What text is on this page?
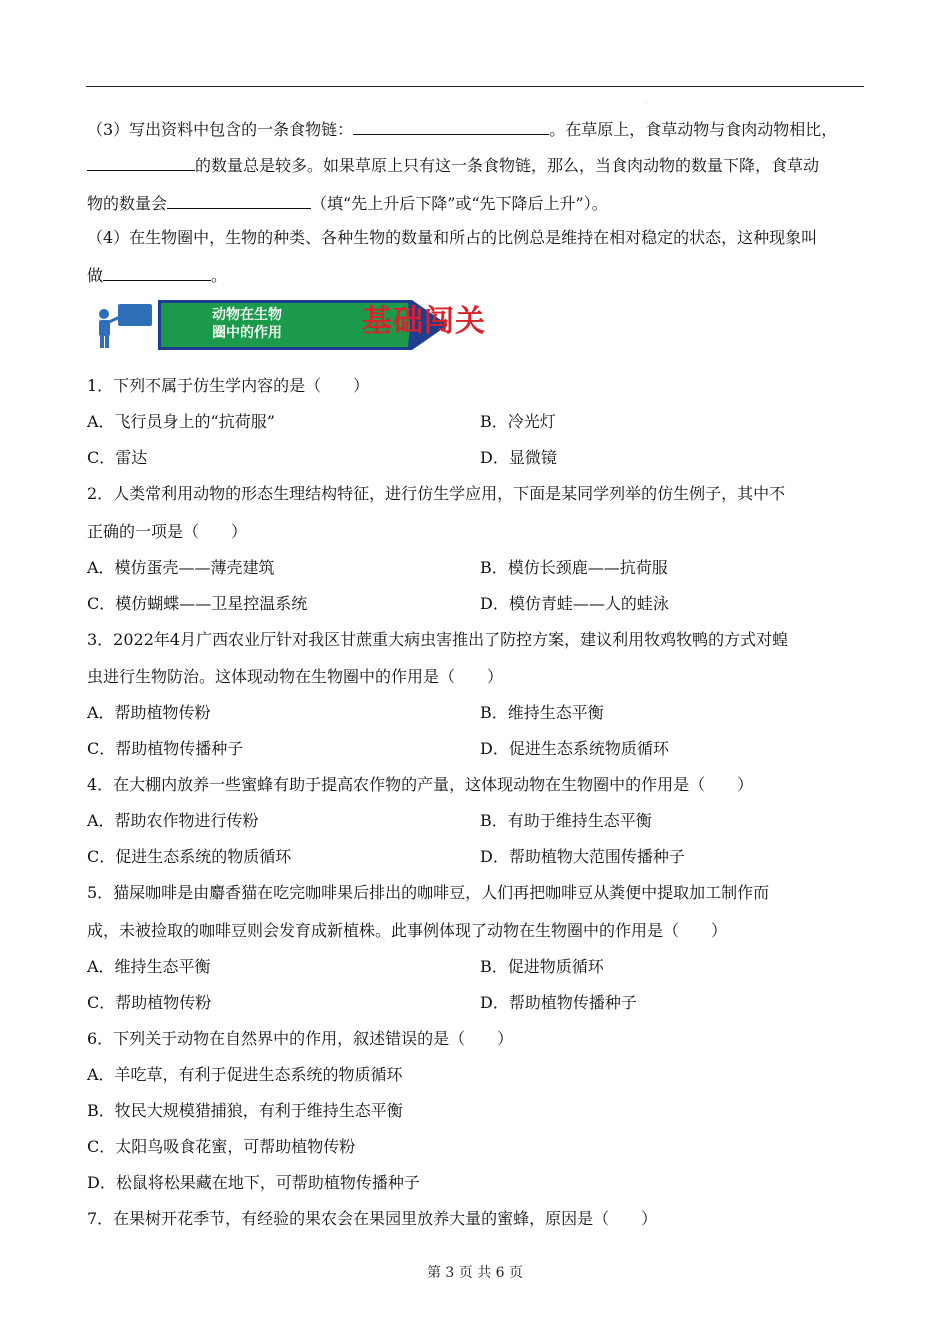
.
（3）写出资料中包含的一条食物链：	。在草原上，食草动物与食肉动物相比，
的数量总是较多。如果草原上只有这一条食物链，那么，当食肉动物的数量下降，食草动
物的数量会	（填“先上升后下降”或“先下降后上升”）。
（4）在生物圈中，生物的种类、各种生物的数量和所占的比例总是维持在相对稳定的状态，这种现象叫
做	。
动物在生物
圈中的作用	基础闯关
1．下列不属于仿生学内容的是（　　）
A．飞行员身上的“抗荷服”	B．冷光灯
C．雷达	D．显微镜
2．人类常利用动物的形态生理结构特征，进行仿生学应用，下面是某同学列举的仿生例子，其中不
正确的一项是（　　）
A．模仿蛋壳——薄壳建筑	B．模仿长颈鹿——抗荷服
C．模仿蝴蝶——卫星控温系统	D．模仿青蛙——人的蛙泳
3．2022年4月广西农业厅针对我区甘蔗重大病虫害推出了防控方案，建议利用牧鸡牧鸭的方式对蝗
虫进行生物防治。这体现动物在生物圈中的作用是（　　）
A．帮助植物传粉	B．维持生态平衡
C．帮助植物传播种子	D．促进生态系统物质循环
4．在大棚内放养一些蜜蜂有助于提高农作物的产量，这体现动物在生物圈中的作用是（　　）
A．帮助农作物进行传粉	B．有助于维持生态平衡
C．促进生态系统的物质循环	D．帮助植物大范围传播种子
5．猫屎咖啡是由麝香猫在吃完咖啡果后排出的咖啡豆，人们再把咖啡豆从粪便中提取加工制作而
成，未被捡取的咖啡豆则会发育成新植株。此事例体现了动物在生物圈中的作用是（　　）
A．维持生态平衡	B．促进物质循环
C．帮助植物传粉	D．帮助植物传播种子
6．下列关于动物在自然界中的作用，叙述错误的是（　　）
A．羊吃草，有利于促进生态系统的物质循环
B．牧民大规模猎捕狼，有利于维持生态平衡
C．太阳鸟吸食花蜜，可帮助植物传粉
D．松鼠将松果藏在地下，可帮助植物传播种子
7．在果树开花季节，有经验的果农会在果园里放养大量的蜜蜂，原因是（　　）
第 3 页 共 6 页
